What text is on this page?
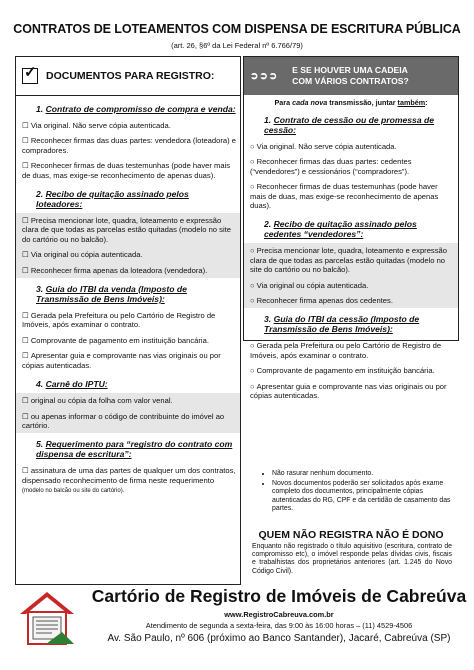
CONTRATOS DE LOTEAMENTOS COM DISPENSA DE ESCRITURA PÚBLICA
(art. 26, §6º da Lei Federal nº 6.766/79)
✓
DOCUMENTOS PARA REGISTRO:
1. Contrato de compromisso de compra e venda:
☐ Via original. Não serve cópia autenticada.
☐ Reconhecer firmas das duas partes: vendedora (loteadora) e compradores.
☐ Reconhecer firmas de duas testemunhas (pode haver mais de duas, mas exige-se reconhecimento de apenas duas).
2. Recibo de quitação assinado pelos loteadores:
☐ Precisa mencionar lote, quadra, loteamento e expressão clara de que todas as parcelas estão quitadas (modelo no site do cartório ou no balcão).
☐ Via original ou cópia autenticada.
☐ Reconhecer firma apenas da loteadora (vendedora).
3. Guia do ITBI da venda (Imposto de Transmissão de Bens Imóveis):
☐ Gerada pela Prefeitura ou pelo Cartório de Registro de Imóveis, após examinar o contrato.
☐ Comprovante de pagamento em instituição bancária.
☐ Apresentar guia e comprovante nas vias originais ou por cópias autenticadas.
4. Carnê do IPTU:
☐ original ou cópia da folha com valor venal.
☐ ou apenas informar o código de contribuinte do imóvel ao cartório.
5. Requerimento para “registro do contrato com dispensa de escritura”:
☐ assinatura de uma das partes de qualquer um dos contratos, dispensado reconhecimento de firma neste requerimento (modelo no balcão ou site do cartório).
➲➲➲
E SE HOUVER UMA CADEIA
COM VÁRIOS CONTRATOS?
Para cada nova transmissão, juntar também:
1. Contrato de cessão ou de promessa de cessão:
○ Via original. Não serve cópia autenticada.
○ Reconhecer firmas das duas partes: cedentes (“vendedores”) e cessionários (“compradores”).
○ Reconhecer firmas de duas testemunhas (pode haver mais de duas, mas exige-se reconhecimento de apenas duas).
2. Recibo de quitação assinado pelos cedentes “vendedores”:
○ Precisa mencionar lote, quadra, loteamento e expressão clara de que todas as parcelas estão quitadas (modelo no site do cartório ou no balcão).
○ Via original ou cópia autenticada.
○ Reconhecer firma apenas dos cedentes.
3. Guia do ITBI da cessão (Imposto de Transmissão de Bens Imóveis):
○ Gerada pela Prefeitura ou pelo Cartório de Registro de Imóveis, após examinar o contrato.
○ Comprovante de pagamento em instituição bancária.
○ Apresentar guia e comprovante nas vias originais ou por cópias autenticadas.
• Não rasurar nenhum documento.
• Novos documentos poderão ser solicitados após exame completo dos documentos, principalmente cópias autenticadas do RG, CPF e da certidão de casamento das partes.
QUEM NÃO REGISTRA NÃO É DONO
Enquanto não registrado o título aquisitivo (escritura, contrato de compromisso etc), o imóvel responde pelas dívidas civis, fiscais e trabalhistas dos proprietários anteriores (art. 1.245 do Novo Código Civil).
Cartório de Registro de Imóveis de Cabreúva
www.RegistroCabreuva.com.br
Atendimento de segunda a sexta-feira, das 9:00 às 16:00 horas – (11) 4529-4506
Av. São Paulo, nº 606 (próximo ao Banco Santander), Jacaré, Cabreúva (SP)
